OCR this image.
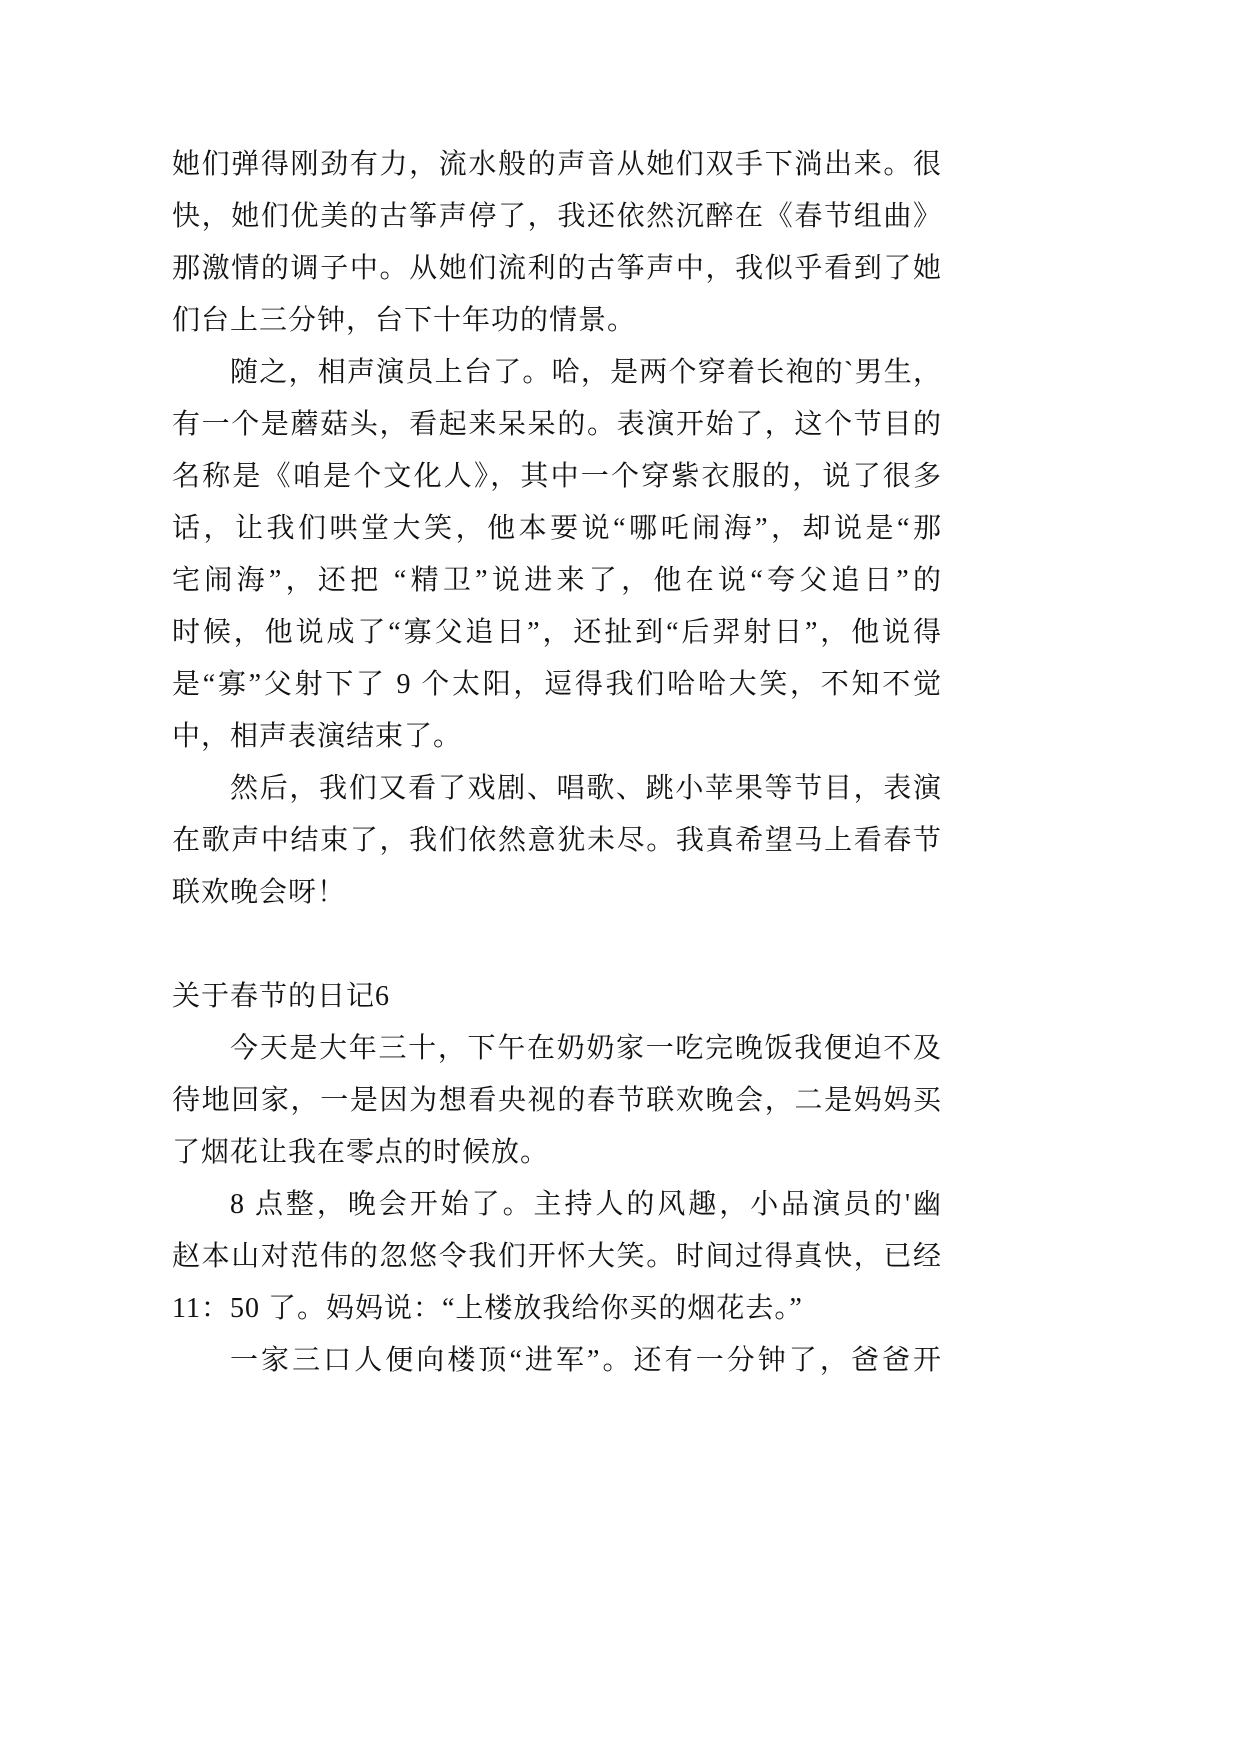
她们弹得刚劲有力，流水般的声音从她们双手下淌出来。很
快，她们优美的古筝声停了，我还依然沉醉在《春节组曲》
那激情的调子中。从她们流利的古筝声中，我似乎看到了她
们台上三分钟，台下十年功的情景。
随之，相声演员上台了。哈，是两个穿着长袍的`男生，
有一个是蘑菇头，看起来呆呆的。表演开始了，这个节目的
名称是《咱是个文化人》，其中一个穿紫衣服的，说了很多
话，让我们哄堂大笑，他本要说“哪吒闹海”，却说是“那
宅闹海”，还把 “精卫”说进来了，他在说“夸父追日”的
时候，他说成了“寡父追日”，还扯到“后羿射日”，他说得
是“寡”父射下了 9 个太阳，逗得我们哈哈大笑，不知不觉
中，相声表演结束了。
然后，我们又看了戏剧、唱歌、跳小苹果等节目，表演
在歌声中结束了，我们依然意犹未尽。我真希望马上看春节
联欢晚会呀！
关于春节的日记6
今天是大年三十，下午在奶奶家一吃完晚饭我便迫不及
待地回家，一是因为想看央视的春节联欢晚会，二是妈妈买
了烟花让我在零点的时候放。
8 点整，晚会开始了。主持人的风趣，小品演员的'幽
赵本山对范伟的忽悠令我们开怀大笑。时间过得真快，已经
11：50 了。妈妈说：“上楼放我给你买的烟花去。”
一家三口人便向楼顶“进军”。还有一分钟了，爸爸开
